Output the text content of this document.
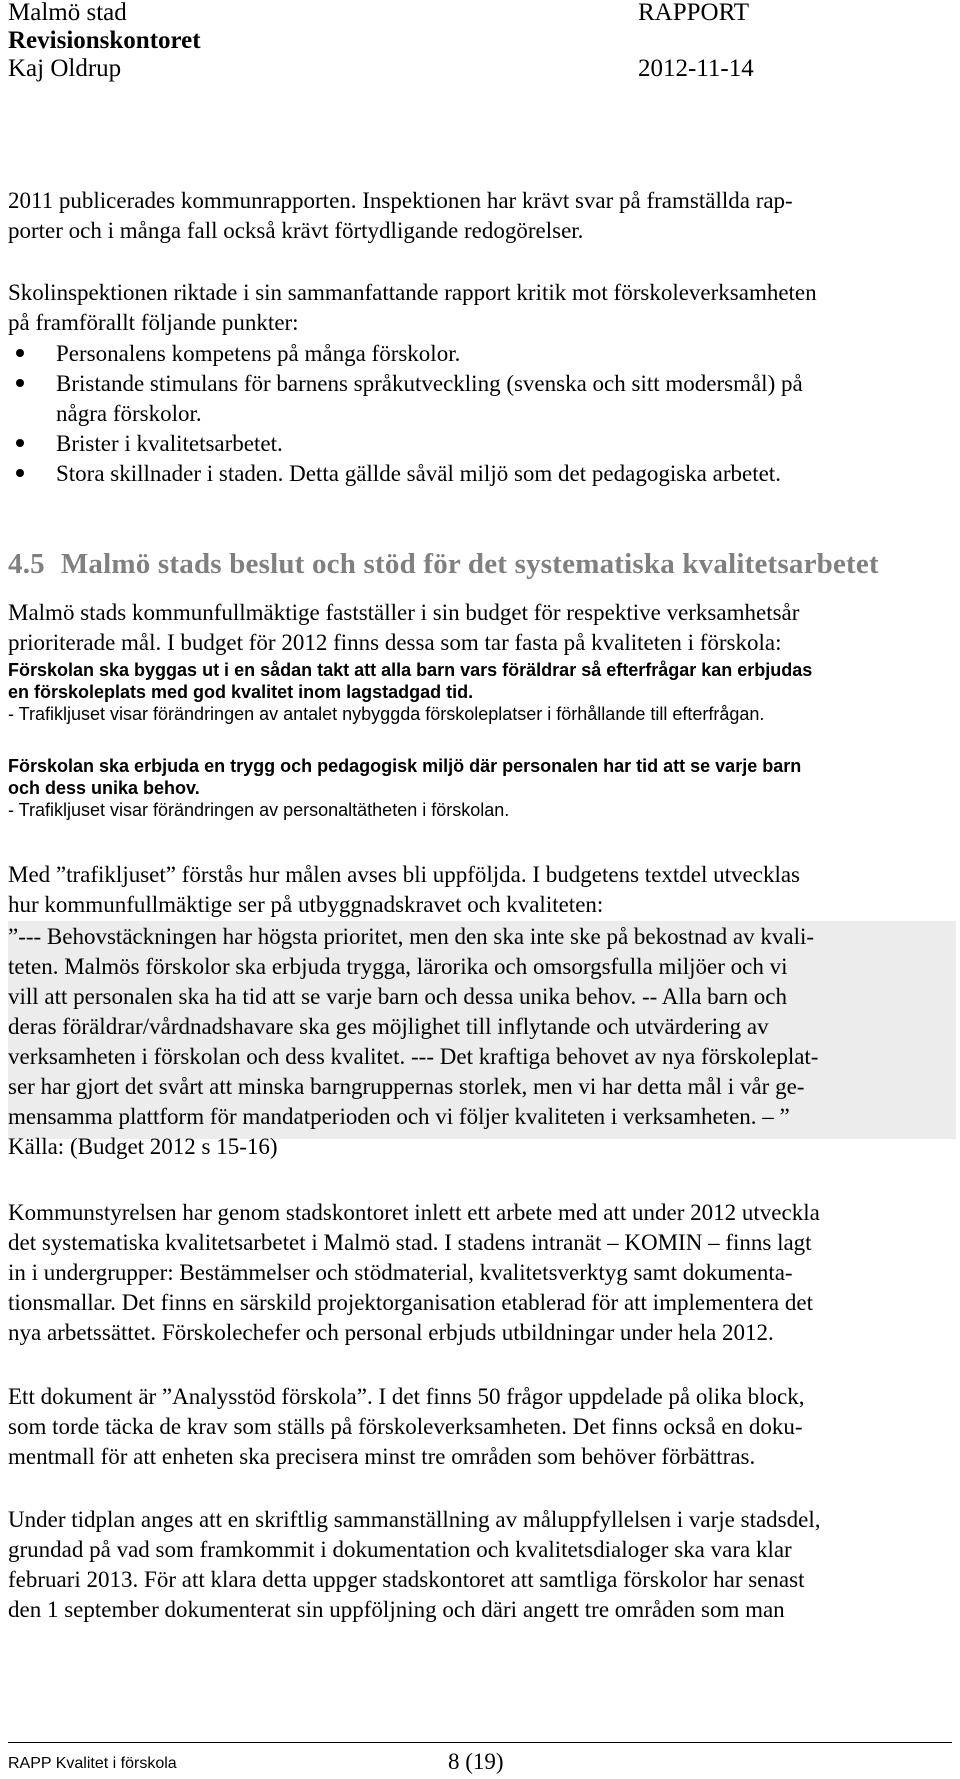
Malmö stad
Revisionskontoret
Kaj Oldrup
RAPPORT
2012-11-14
2011 publicerades kommunrapporten. Inspektionen har krävt svar på framställda rap-
porter och i många fall också krävt förtydligande redogörelser.
Skolinspektionen riktade i sin sammanfattande rapport kritik mot förskoleverksamheten
på framförallt följande punkter:
Personalens kompetens på många förskolor.
Bristande stimulans för barnens språkutveckling (svenska och sitt modersmål) på
några förskolor.
Brister i kvalitetsarbetet.
Stora skillnader i staden. Detta gällde såväl miljö som det pedagogiska arbetet.
4.5 Malmö stads beslut och stöd för det systematiska kvalitetsarbetet
Malmö stads kommunfullmäktige fastställer i sin budget för respektive verksamhetsår
prioriterade mål. I budget för 2012 finns dessa som tar fasta på kvaliteten i förskola:
Förskolan ska byggas ut i en sådan takt att alla barn vars föräldrar så efterfrågar kan erbjudas
en förskoleplats med god kvalitet inom lagstadgad tid.
- Trafikljuset visar förändringen av antalet nybyggda förskoleplatser i förhållande till efterfrågan.
Förskolan ska erbjuda en trygg och pedagogisk miljö där personalen har tid att se varje barn
och dess unika behov.
- Trafikljuset visar förändringen av personaltätheten i förskolan.
Med ”trafikljuset” förstås hur målen avses bli uppföljda. I budgetens textdel utvecklas
hur kommunfullmäktige ser på utbyggnadskravet och kvaliteten:
”--- Behovstäckningen har högsta prioritet, men den ska inte ske på bekostnad av kvali-
teten. Malmös förskolor ska erbjuda trygga, lärorika och omsorgsfulla miljöer och vi
vill att personalen ska ha tid att se varje barn och dessa unika behov. -- Alla barn och
deras föräldrar/vårdnadshavare ska ges möjlighet till inflytande och utvärdering av
verksamheten i förskolan och dess kvalitet. --- Det kraftiga behovet av nya förskoleplat-
ser har gjort det svårt att minska barngruppernas storlek, men vi har detta mål i vår ge-
mensamma plattform för mandatperioden och vi följer kvaliteten i verksamheten. – ”
Källa: (Budget 2012 s 15-16)
Kommunstyrelsen har genom stadskontoret inlett ett arbete med att under 2012 utveckla
det systematiska kvalitetsarbetet i Malmö stad. I stadens intranät – KOMIN – finns lagt
in i undergrupper: Bestämmelser och stödmaterial, kvalitetsverktyg samt dokumenta-
tionsmallar. Det finns en särskild projektorganisation etablerad för att implementera det
nya arbetssättet. Förskolechefer och personal erbjuds utbildningar under hela 2012.
Ett dokument är ”Analysstöd förskola”. I det finns 50 frågor uppdelade på olika block,
som torde täcka de krav som ställs på förskoleverksamheten. Det finns också en doku-
mentmall för att enheten ska precisera minst tre områden som behöver förbättras.
Under tidplan anges att en skriftlig sammanställning av måluppfyllelsen i varje stadsdel,
grundad på vad som framkommit i dokumentation och kvalitetsdialoger ska vara klar
februari 2013. För att klara detta uppger stadskontoret att samtliga förskolor har senast
den 1 september dokumenterat sin uppföljning och däri angett tre områden som man
RAPP Kvalitet i förskola	8 (19)
